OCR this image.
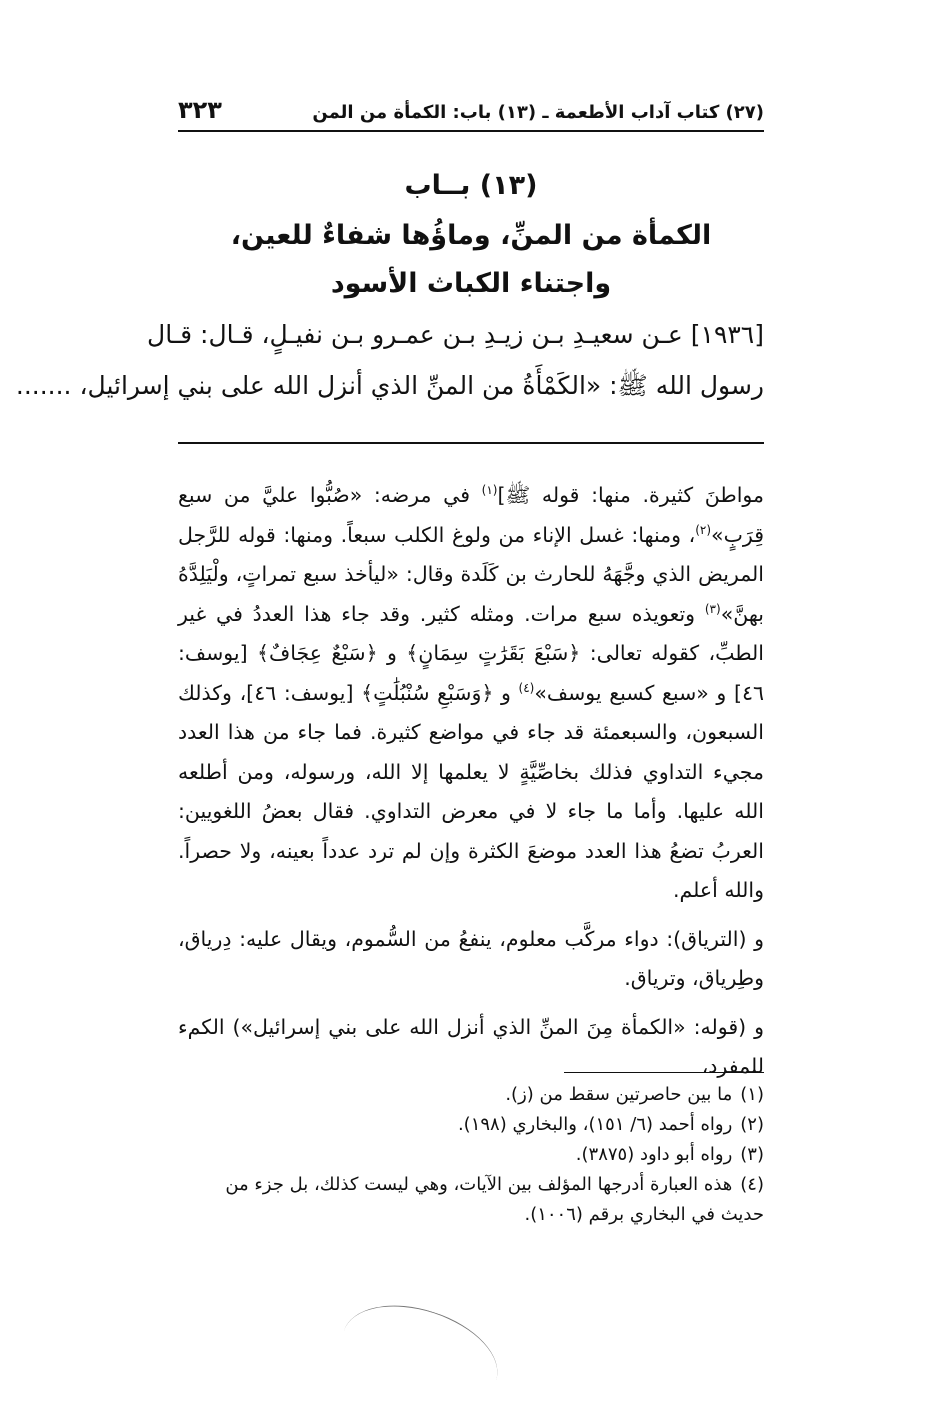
(٢٧) كتاب آداب الأطعمة ـ (١٣) باب: الكمأة من المن
٣٢٣
(١٣) بــاب
الكمأة من المنِّ، وماؤُها شفاءٌ للعين،
واجتناء الكباث الأسود
[١٩٣٦] عـن سعيـدِ بـن زيـدِ بـن عمـرو بـن نفيـلٍ، قـال: قـال
رسول الله ﷺ: «الكَمْأَةُ من المنِّ الذي أنزل الله على بني إسرائيل، .......

مواطنَ كثيرة. منها: قوله ﷺ]$^{(١)}$ في مرضه: «صُبُّوا عليَّ من سبع قِرَبٍ»$^{(٢)}$، ومنها: غسل الإناء من ولوغ الكلب سبعاً. ومنها: قوله للرَّجل المريض الذي وجَّهَهُ للحارث بن كَلَدة وقال: «ليأخذ سبع تمراتٍ، ولْيَلِدَّهُ بهنَّ»$^{(٣)}$ وتعويذه سبع مرات. ومثله كثير. وقد جاء هذا العددُ في غير الطبِّ، كقوله تعالى: ﴿سَبْعَ بَقَرَٰتٍ سِمَانٍ﴾ و ﴿سَبْعٌ عِجَافٌ﴾ [يوسف: ٤٦] و «سبع كسبع يوسف»$^{(٤)}$ و ﴿وَسَبْعِ سُنْبُلَٰتٍ﴾ [يوسف: ٤٦]، وكذلك السبعون، والسبعمئة قد جاء في مواضع كثيرة. فما جاء من هذا العدد مجيء التداوي فذلك بخاصِّيَّةٍ لا يعلمها إلا الله، ورسوله، ومن أطلعه الله عليها. وأما ما جاء لا في معرض التداوي. فقال بعضُ اللغويين: العربُ تضعُ هذا العدد موضعَ الكثرة وإن لم ترد عدداً بعينه، ولا حصراً. والله أعلم.

و (الترياق): دواء مركَّب معلوم، ينفعُ من السُّموم، ويقال عليه: دِرياق، وطِرياق، وترياق.

و (قوله: «الكمأة مِنَ المنِّ الذي أنزل الله على بني إسرائيل») الكمء للمفرد،

(١)ما بين حاصرتين سقط من (ز).
(٢)رواه أحمد (٦/ ١٥١)، والبخاري (١٩٨).
(٣)رواه أبو داود (٣٨٧٥).
(٤)هذه العبارة أدرجها المؤلف بين الآيات، وهي ليست كذلك، بل جزء من حديث في البخاري برقم (١٠٠٦).
